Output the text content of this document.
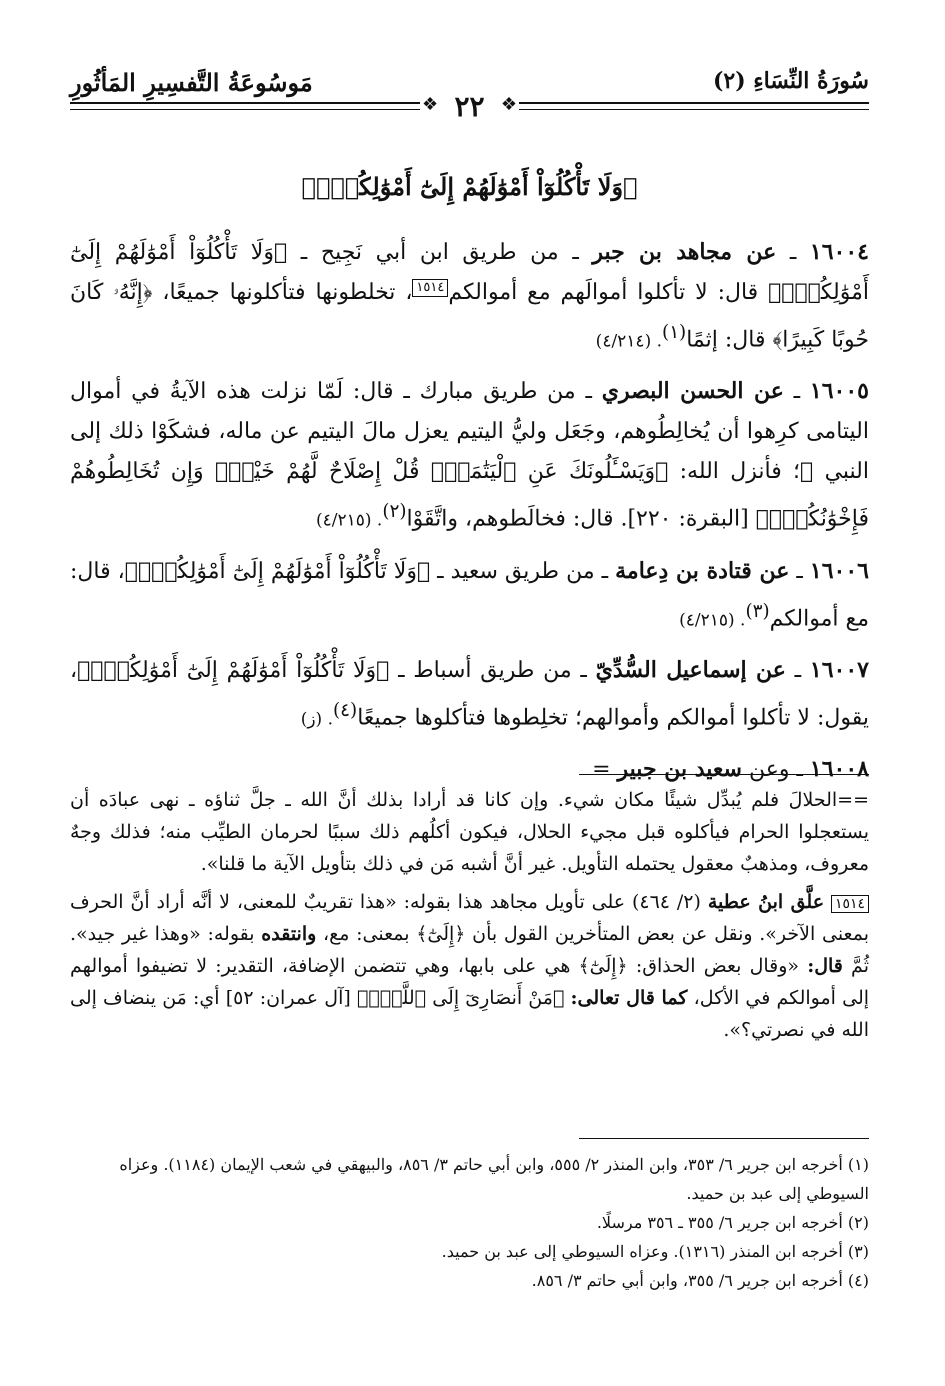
سُورَةُ النِّسَاءِ (٢)
مَوسُوعَةُ التَّفسِيرِ المَأثُورِ
❖
❖ ٢٢
﴿وَلَا تَأْكُلُوٓاْ أَمْوَٰلَهُمْ إِلَىٰٓ أَمْوَٰلِكُمْۚ﴾
١٦٠٠٤ ـ عن مجاهد بن جبر ـ من طريق ابن أبي نَجِيح ـ ﴿وَلَا تَأْكُلُوٓاْ أَمْوَٰلَهُمْ إِلَىٰٓ أَمْوَٰلِكُمْۚ﴾ قال: لا تأكلوا أموالَهم مع أموالكم١٥١٤، تخلطونها فتأكلونها جميعًا، ﴿إِنَّهُۥ كَانَ حُوبًا كَبِيرًا﴾ قال: إثمًا$^{(١)}$. (٤/٢١٤)
١٦٠٠٥ ـ عن الحسن البصري ـ من طريق مبارك ـ قال: لَمّا نزلت هذه الآيةُ في أموال اليتامى كرِهوا أن يُخالِطُوهم، وجَعَل وليُّ اليتيم يعزل مالَ اليتيم عن ماله، فشكَوْا ذلك إلى النبي ﷺ؛ فأنزل الله: ﴿وَيَسْـَٔلُونَكَ عَنِ ٱلْيَتَٰمَىٰۖ قُلْ إِصْلَاحٌ لَّهُمْ خَيْرٌۖ وَإِن تُخَالِطُوهُمْ فَإِخْوَٰنُكُمْۚ﴾ [البقرة: ٢٢٠]. قال: فخالَطوهم، واتَّقَوْا$^{(٢)}$. (٤/٢١٥)
١٦٠٠٦ ـ عن قتادة بن دِعامة ـ من طريق سعيد ـ ﴿وَلَا تَأْكُلُوٓاْ أَمْوَٰلَهُمْ إِلَىٰٓ أَمْوَٰلِكُمْۚ﴾، قال: مع أموالكم$^{(٣)}$. (٤/٢١٥)
١٦٠٠٧ ـ عن إسماعيل السُّدِّيّ ـ من طريق أسباط ـ ﴿وَلَا تَأْكُلُوٓاْ أَمْوَٰلَهُمْ إِلَىٰٓ أَمْوَٰلِكُمْۚ﴾، يقول: لا تأكلوا أموالكم وأموالهم؛ تخلِطوها فتأكلوها جميعًا$^{(٤)}$. (ز)
١٦٠٠٨ ـ وعن سعيد بن جبير =

==الحلالَ فلم يُبدِّل شيئًا مكان شيء. وإن كانا قد أرادا بذلك أنَّ الله ـ جلَّ ثناؤه ـ نهى عبادَه أن يستعجلوا الحرام فيأكلوه قبل مجيء الحلال، فيكون أكلُهم ذلك سببًا لحرمان الطيِّب منه؛ فذلك وجهٌ معروف، ومذهبٌ معقول يحتمله التأويل. غير أنَّ أشبه مَن في ذلك بتأويل الآية ما قلنا».

١٥١٤ علَّق ابنُ عطية (٢/ ٤٦٤) على تأويل مجاهد هذا بقوله: «هذا تقريبٌ للمعنى، لا أنَّه أراد أنَّ الحرف بمعنى الآخر». ونقل عن بعض المتأخرين القول بأن ﴿إِلَىٰٓ﴾ بمعنى: مع، وانتقده بقوله: «وهذا غير جيد». ثُمَّ قال: «وقال بعض الحذاق: ﴿إِلَىٰٓ﴾ هي على بابها، وهي تتضمن الإضافة، التقدير: لا تضيفوا أموالهم إلى أموالكم في الأكل، كما قال تعالى: ﴿مَنْ أَنصَارِىٓ إِلَى ٱللَّهِۖ﴾ [آل عمران: ٥٢] أي: مَن ينضاف إلى الله في نصرتي؟».

(١) أخرجه ابن جرير ٦/ ٣٥٣، وابن المنذر ٢/ ٥٥٥، وابن أبي حاتم ٣/ ٨٥٦، والبيهقي في شعب الإيمان (١١٨٤). وعزاه السيوطي إلى عبد بن حميد.

(٢) أخرجه ابن جرير ٦/ ٣٥٥ ـ ٣٥٦ مرسلًا.

(٣) أخرجه ابن المنذر (١٣١٦). وعزاه السيوطي إلى عبد بن حميد.

(٤) أخرجه ابن جرير ٦/ ٣٥٥، وابن أبي حاتم ٣/ ٨٥٦.
